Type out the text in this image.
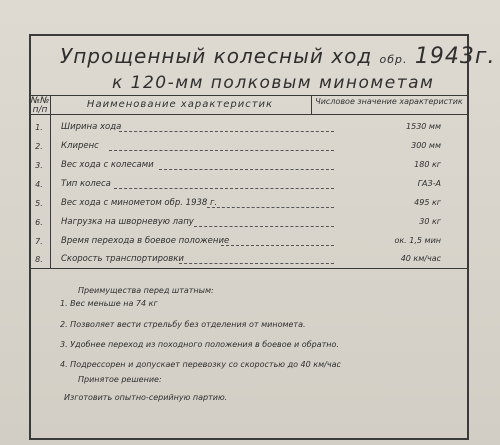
Упрощенный колесный ход обр. 1943г.
к 120-мм полковым минометам
№№ п/п	Наименование характеристик	Числовое значение характеристик
1.	Ширина хода	1530 мм
2.	Клиренс	300 мм
3.	Вес хода с колесами	180 кг
4.	Тип колеса	ГАЗ-А
5.	Вес хода с минометом обр. 1938 г.	495 кг
6.	Нагрузка на шворневую лапу	30 кг
7.	Время перехода в боевое положение	ок. 1,5 мин
8.	Скорость транспортировки	40 км/час
Преимущества перед штатным:
1. Вес меньше на 74 кг
2. Позволяет вести стрельбу без отделения от миномета.
3. Удобнее переход из походного положения в боевое и обратно.
4. Подрессорен и допускает перевозку со скоростью до 40 км/час
Принятое решение:
Изготовить опытно-серийную партию.
